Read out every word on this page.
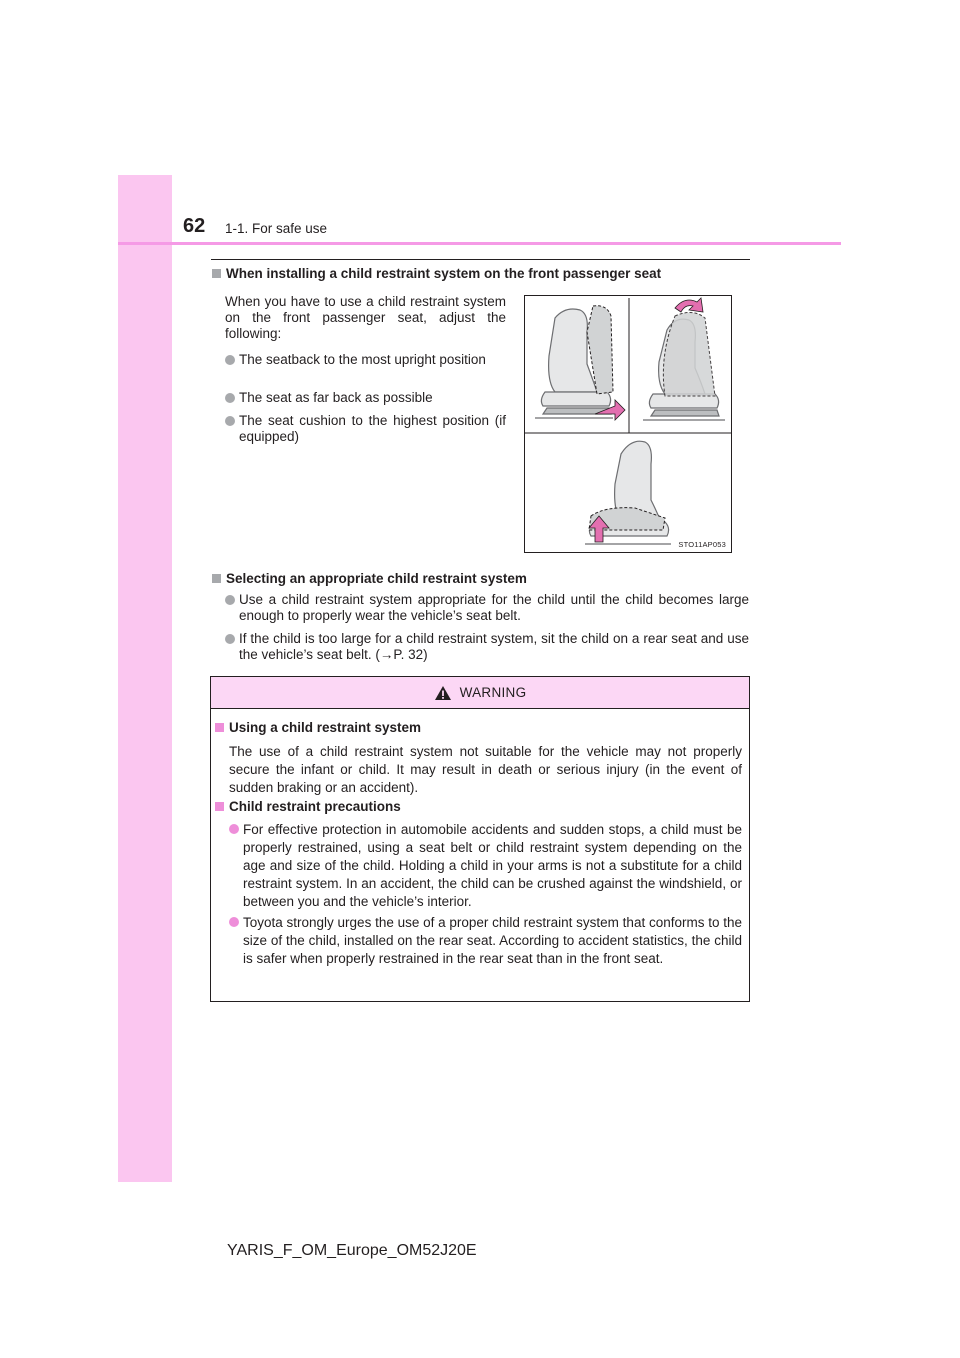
62 1-1. For safe use
When installing a child restraint system on the front passenger seat
When you have to use a child restraint system on the front passenger seat, adjust the following:
The seatback to the most upright position
The seat as far back as possible
The seat cushion to the highest position (if equipped)
STO11AP053
Selecting an appropriate child restraint system
Use a child restraint system appropriate for the child until the child becomes large enough to properly wear the vehicle’s seat belt.
If the child is too large for a child restraint system, sit the child on a rear seat and use the vehicle’s seat belt. (→P. 32)
WARNING
Using a child restraint system
The use of a child restraint system not suitable for the vehicle may not properly secure the infant or child. It may result in death or serious injury (in the event of sudden braking or an accident).
Child restraint precautions
For effective protection in automobile accidents and sudden stops, a child must be properly restrained, using a seat belt or child restraint system depending on the age and size of the child. Holding a child in your arms is not a substitute for a child restraint system. In an accident, the child can be crushed against the windshield, or between you and the vehicle’s interior.
Toyota strongly urges the use of a proper child restraint system that conforms to the size of the child, installed on the rear seat. According to accident statistics, the child is safer when properly restrained in the rear seat than in the front seat.
YARIS_F_OM_Europe_OM52J20E
